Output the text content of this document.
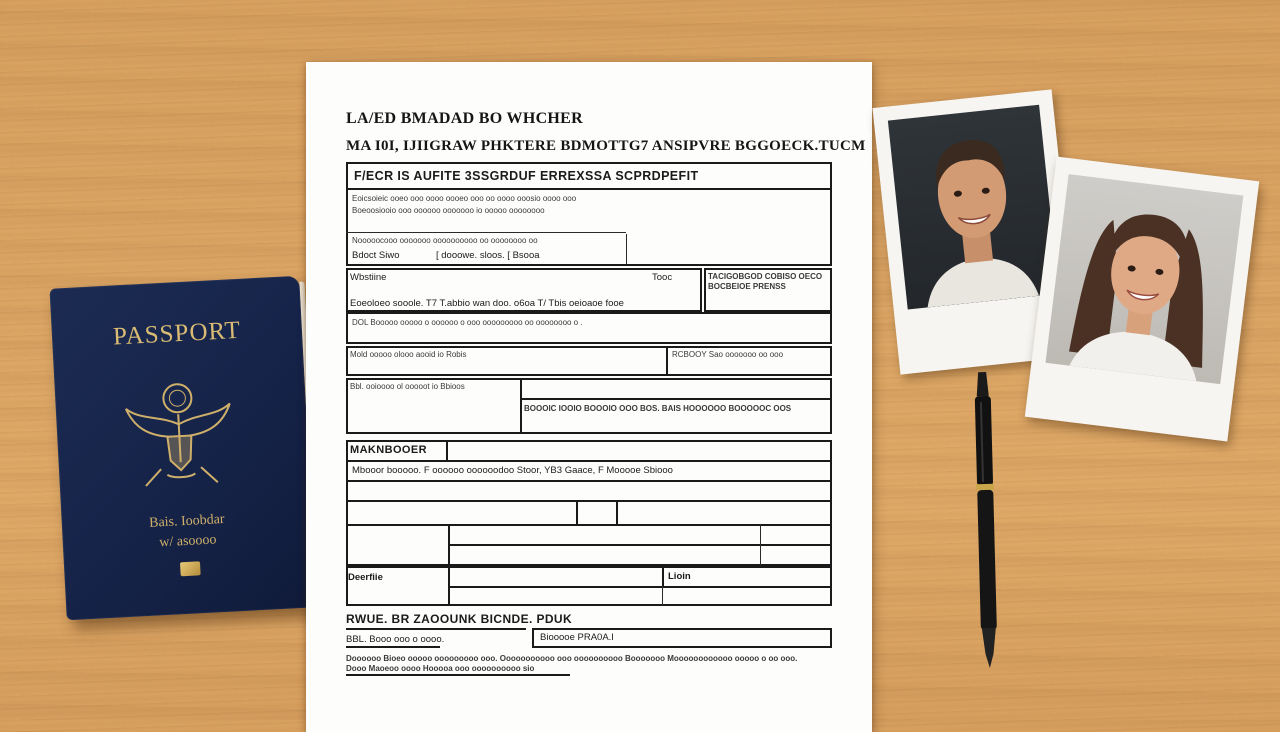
PASSPORT
Bais. Ioobdar
w/ asoooo
LA/ED BMADAD BO WHCHER
MA I0I, IJIIGRAW PHKTERE BDMOTTG7 ANSIPVRE BGGOECK.TUCM
F/ECR IS AUFITE 3SSGRDUF ERREXSSA SCPRDPEFIT
Eoicsoieic ooeo ooo oooo oooeo ooo oo oooo ooosio oooo ooo
Boeoosiooio ooo oooooo ooooooo io ooooo oooooooo
Nooooocooo ooooooo oooooooooo oo oooooooo oo
Bdoct Siwo	[ dooowe. sloos. [ Bsooa
Wbstiine	Tooc	TACIGOBGOD COBISO OECO
BOCBEIOE PRENSS
Eoeoloeo sooole. T7 T.abbio wan doo. o6oa T/ Tbis oeioaoe fooe
DOL Booooo ooooo o oooooo o ooo ooooooooo oo oooooooo o .
Mold ooooo olooo aooid io Robis	RCBOOY Sao ooooooo oo ooo
Bbl. ooioooo ol ooooot io Bbioos
BOOOIC IOOIO BOOOIO OOO BOS. BAIS HOOOOOO BOOOOOC OOS
MAKNBOOER
Mbooor booooo. F oooooo oooooodoo Stoor, YB3 Gaace, F Mooooe Sbiooo
Deerfiie	Lioin
RWUE. BR ZAOOUNK BICNDE. PDUK
BBL. Booo ooo o oooo.	Biooooe PRA0A.I
Doooooo Bioeo ooooo ooooooooo ooo. Ooooooooooo ooo oooooooooo Booooooo Moooooooooooo ooooo o oo ooo.
Dooo Maoeoo oooo Hooooa ooo oooooooooo sio
